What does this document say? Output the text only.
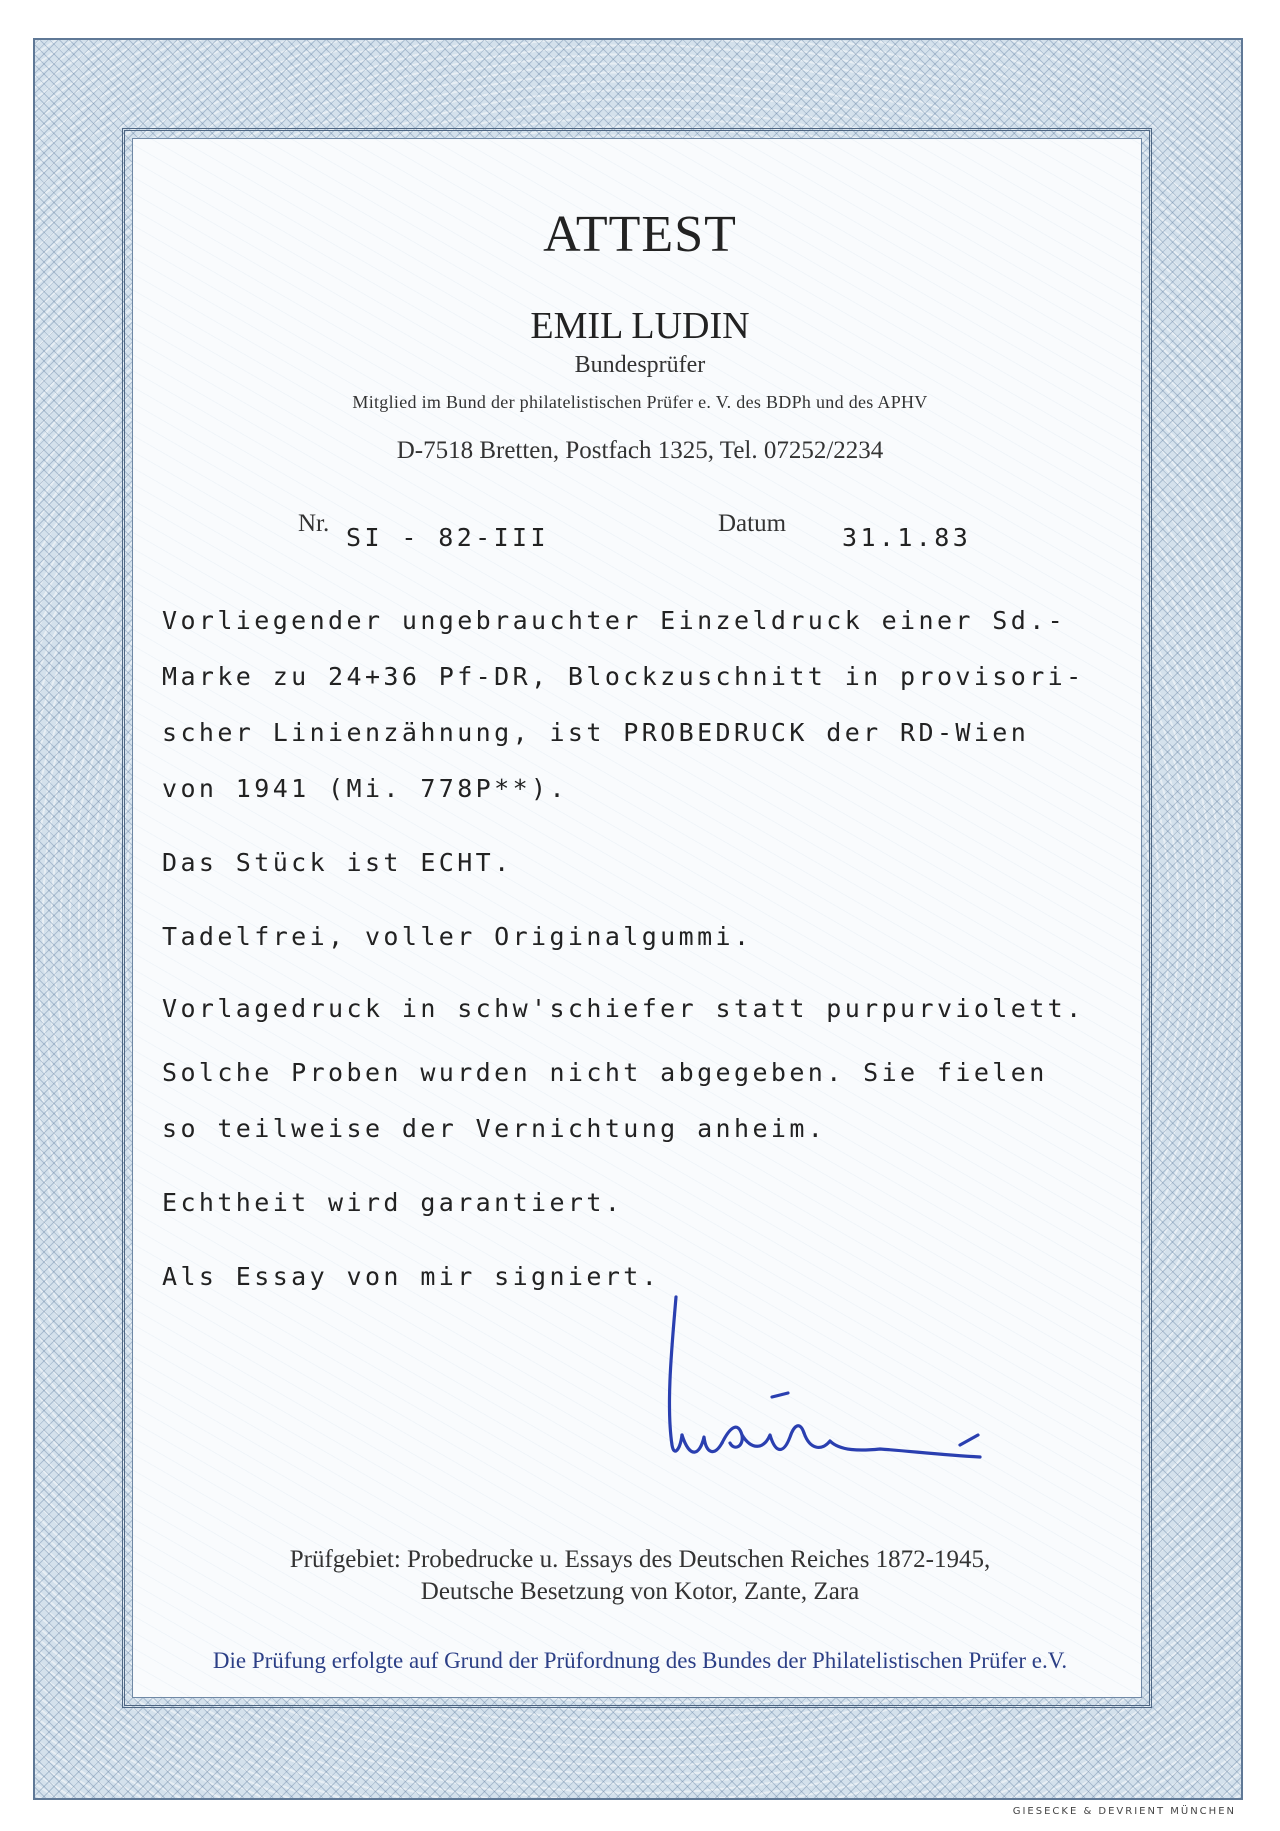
ATTEST
EMIL LUDIN
Bundesprüfer
Mitglied im Bund der philatelistischen Prüfer e. V. des BDPh und des APHV
D-7518 Bretten, Postfach 1325, Tel. 07252/2234
Nr. SI - 82-III	Datum 31.1.83
Vorliegender ungebrauchter Einzeldruck einer Sd.-
Marke zu 24+36 Pf-DR, Blockzuschnitt in provisori-
scher Linienzähnung, ist PROBEDRUCK der RD-Wien
von 1941 (Mi. 778P**).
Das Stück ist ECHT.
Tadelfrei, voller Originalgummi.
Vorlagedruck in schw'schiefer statt purpurviolett.
Solche Proben wurden nicht abgegeben. Sie fielen
so teilweise der Vernichtung anheim.
Echtheit wird garantiert.
Als Essay von mir signiert.
Prüfgebiet: Probedrucke u. Essays des Deutschen Reiches 1872-1945,
Deutsche Besetzung von Kotor, Zante, Zara
Die Prüfung erfolgte auf Grund der Prüfordnung des Bundes der Philatelistischen Prüfer e.V.
GIESECKE & DEVRIENT MÜNCHEN
